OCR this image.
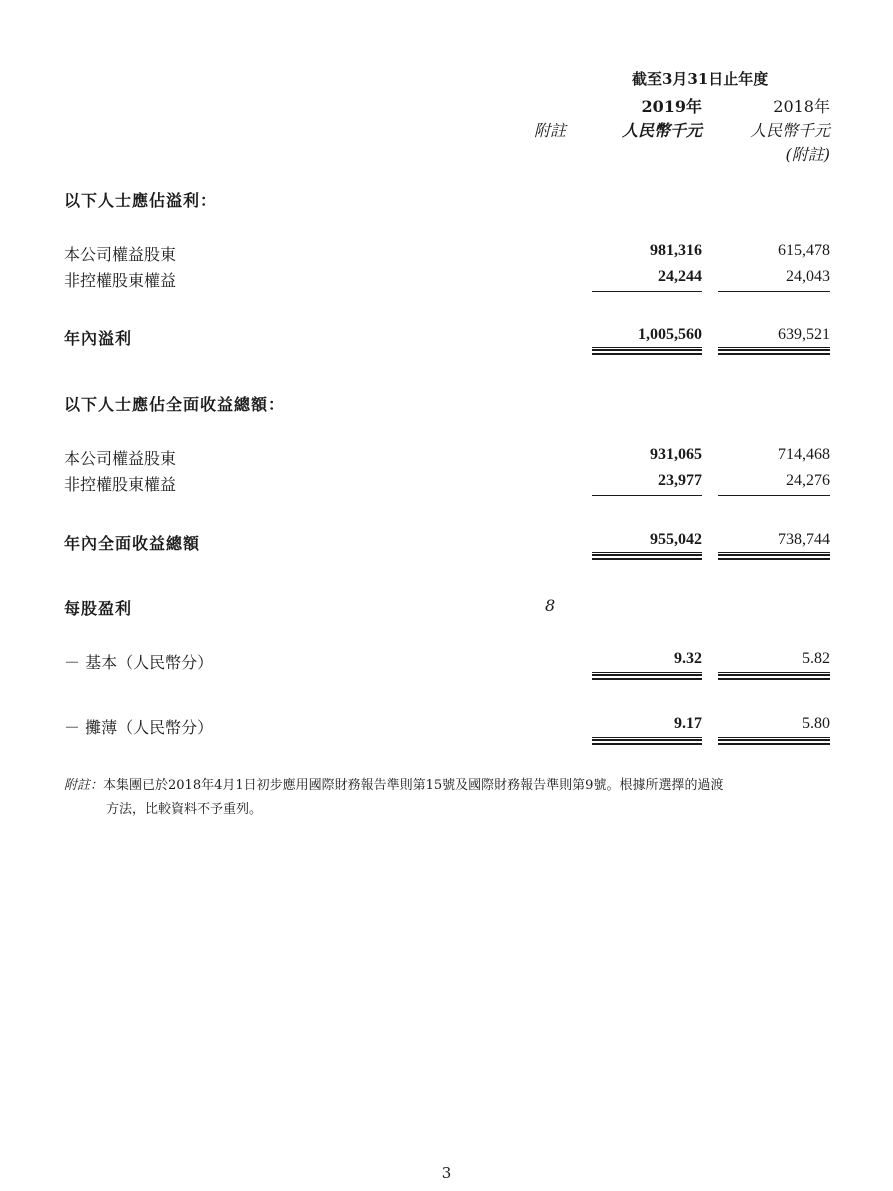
截至3月31日止年度
2019年	2018年
附註	人民幣千元	人民幣千元
(附註)
以下人士應佔溢利：
本公司權益股東	981,316	615,478
非控權股東權益	24,244	24,043
年內溢利	1,005,560	639,521
以下人士應佔全面收益總額：
本公司權益股東	931,065	714,468
非控權股東權益	23,977	24,276
年內全面收益總額	955,042	738,744
每股盈利	8
－ 基本（人民幣分）	9.32	5.82
－ 攤薄（人民幣分）	9.17	5.80
附註：本集團已於2018年4月1日初步應用國際財務報告準則第15號及國際財務報告準則第9號。根據所選擇的過渡
方法，比較資料不予重列。
3
